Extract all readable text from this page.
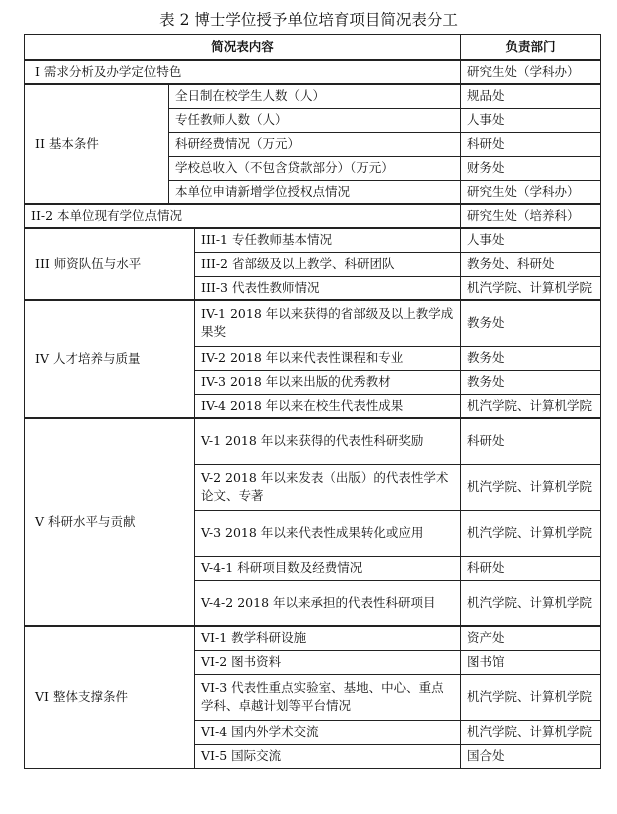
表 2 博士学位授予单位培育项目简况表分工
简况表内容			负责部门
I 需求分析及办学定位特色			研究生处（学科办）
II 基本条件	全日制在校学生人数（人）		规品处
	专任教师人数（人）		人事处
	科研经费情况（万元）		科研处
	学校总收入（不包含贷款部分）（万元）		财务处
	本单位申请新增学位授权点情况		研究生处（学科办）
II-2 本单位现有学位点情况			研究生处（培养科）
III 师资队伍与水平		III-1 专任教师基本情况	人事处
		III-2 省部级及以上教学、科研团队	教务处、科研处
		III-3 代表性教师情况	机汽学院、计算机学院
IV 人才培养与质量		IV-1 2018 年以来获得的省部级及以上教学成果奖	教务处
		IV-2 2018 年以来代表性课程和专业	教务处
		IV-3 2018 年以来出版的优秀教材	教务处
		IV-4 2018 年以来在校生代表性成果	机汽学院、计算机学院
V 科研水平与贡献		V-1 2018 年以来获得的代表性科研奖励	科研处
		V-2 2018 年以来发表（出版）的代表性学术论文、专著	机汽学院、计算机学院
		V-3 2018 年以来代表性成果转化或应用	机汽学院、计算机学院
		V-4-1 科研项目数及经费情况	科研处
		V-4-2 2018 年以来承担的代表性科研项目	机汽学院、计算机学院
VI 整体支撑条件		VI-1 教学科研设施	资产处
		VI-2 图书资料	图书馆
		VI-3 代表性重点实验室、基地、中心、重点学科、卓越计划等平台情况	机汽学院、计算机学院
		VI-4 国内外学术交流	机汽学院、计算机学院
		VI-5 国际交流	国合处
